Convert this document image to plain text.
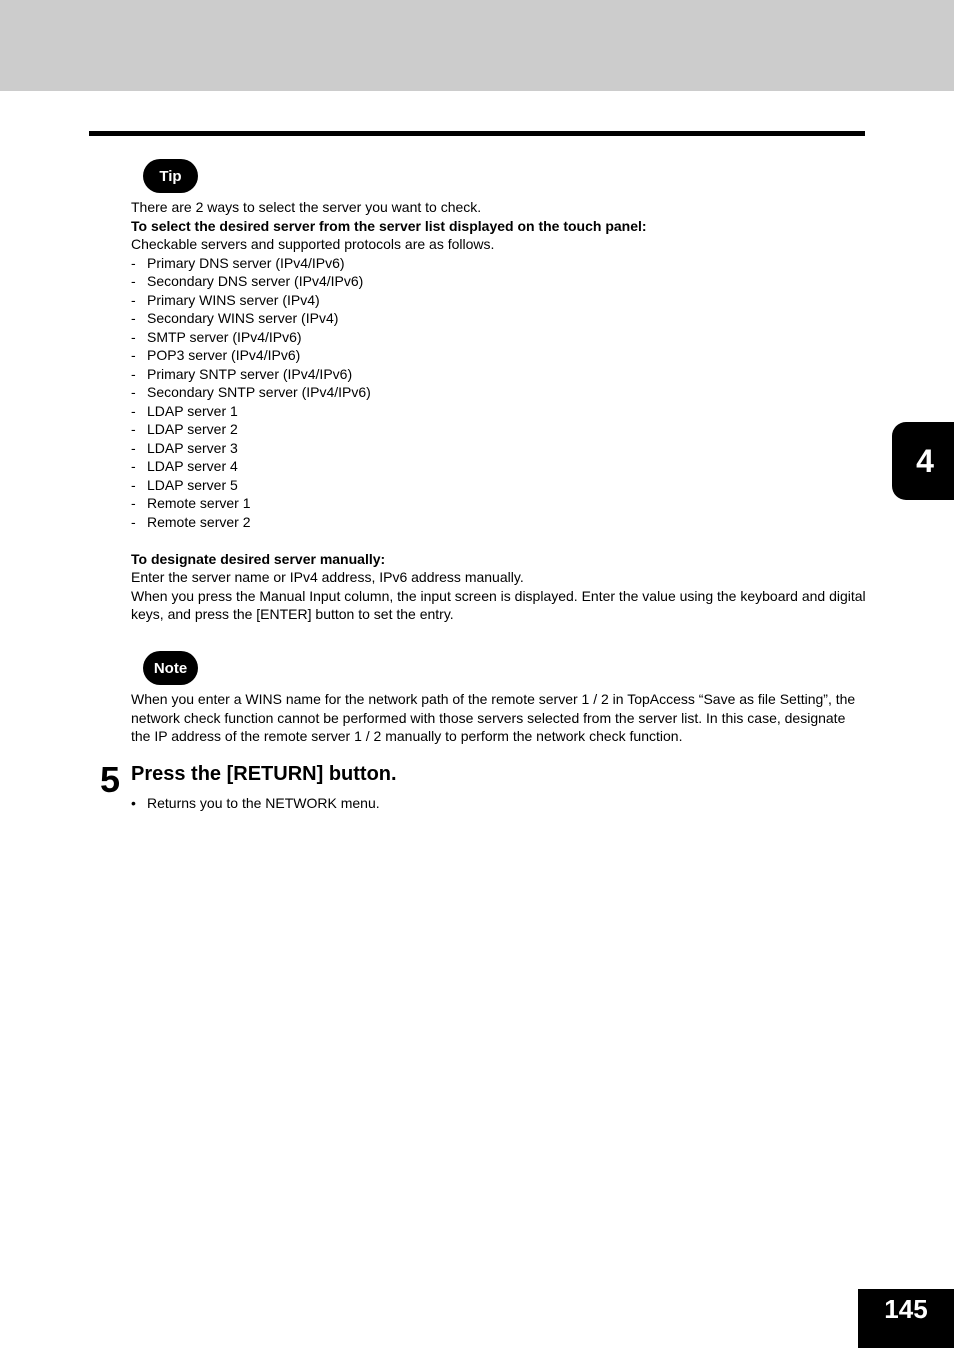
Tip

There are 2 ways to select the server you want to check.

To select the desired server from the server list displayed on the touch panel:

Checkable servers and supported protocols are as follows.

- Primary DNS server (IPv4/IPv6)
- Secondary DNS server (IPv4/IPv6)
- Primary WINS server (IPv4)
- Secondary WINS server (IPv4)
- SMTP server (IPv4/IPv6)
- POP3 server (IPv4/IPv6)
- Primary SNTP server (IPv4/IPv6)
- Secondary SNTP server (IPv4/IPv6)
- LDAP server 1
- LDAP server 2
- LDAP server 3
- LDAP server 4
- LDAP server 5
- Remote server 1
- Remote server 2

To designate desired server manually:

Enter the server name or IPv4 address, IPv6 address manually.

When you press the Manual Input column, the input screen is displayed. Enter the value using the keyboard and digital keys, and press the [ENTER] button to set the entry.

Note

When you enter a WINS name for the network path of the remote server 1 / 2 in TopAccess “Save as file Setting”, the network check function cannot be performed with those servers selected from the server list. In this case, designate the IP address of the remote server 1 / 2 manually to perform the network check function.

5 Press the [RETURN] button.
• Returns you to the NETWORK menu.
4
145
